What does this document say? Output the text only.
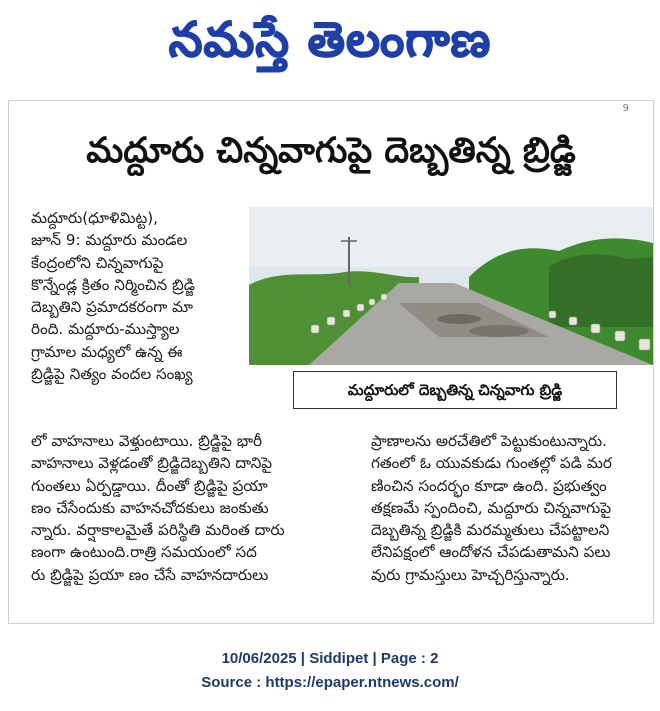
నమస్తే తెలంగాణ
9
మద్దూరు చిన్నవాగుపై దెబ్బతిన్న బ్రిడ్జి
మద్దూరు(ధూళిమిట్ట),
జూన్ 9: మద్దూరు మండల
కేంద్రంలోని చిన్నవాగుపై
కొన్నేండ్ల క్రితం నిర్మించిన బ్రిడ్జి
దెబ్బతిని ప్రమాదకరంగా మా
రింది. మద్దూరు-ముస్త్యాల
గ్రామాల మధ్యలో ఉన్న ఈ
బ్రిడ్జిపై నిత్యం వందల సంఖ్య
మద్దూరులో దెబ్బతిన్న చిన్నవాగు బ్రిడ్జి
లో వాహనాలు వెళ్తుంటాయి. బ్రిడ్జిపై భారీ
వాహనాలు వెళ్లడంతో బ్రిడ్జిదెబ్బతిని దానిపై
గుంతలు ఏర్పడ్డాయి. దీంతో బ్రిడ్జిపై ప్రయా
ణం చేసేందుకు వాహనచోదకులు జంకుతు
న్నారు. వర్షాకాలమైతే పరిస్థితి మరింత దారు
ణంగా ఉంటుంది.రాత్రి సమయంలో సద
రు బ్రిడ్జిపై ప్రయా ణం చేసే వాహనదారులు
ప్రాణాలను అరచేతిలో పెట్టుకుంటున్నారు.
గతంలో ఓ యువకుడు గుంతల్లో పడి మర
ణించిన సందర్భం కూడా ఉంది. ప్రభుత్వం
తక్షణమే స్పందించి, మద్దూరు చిన్నవాగుపై
దెబ్బతిన్న బ్రిడ్జికి మరమ్మతులు చేపట్టాలని
లేనిపక్షంలో ఆందోళన చేపడుతామని పలు
వురు గ్రామస్తులు హెచ్చరిస్తున్నారు.
10/06/2025 | Siddipet | Page : 2
Source : https://epaper.ntnews.com/
